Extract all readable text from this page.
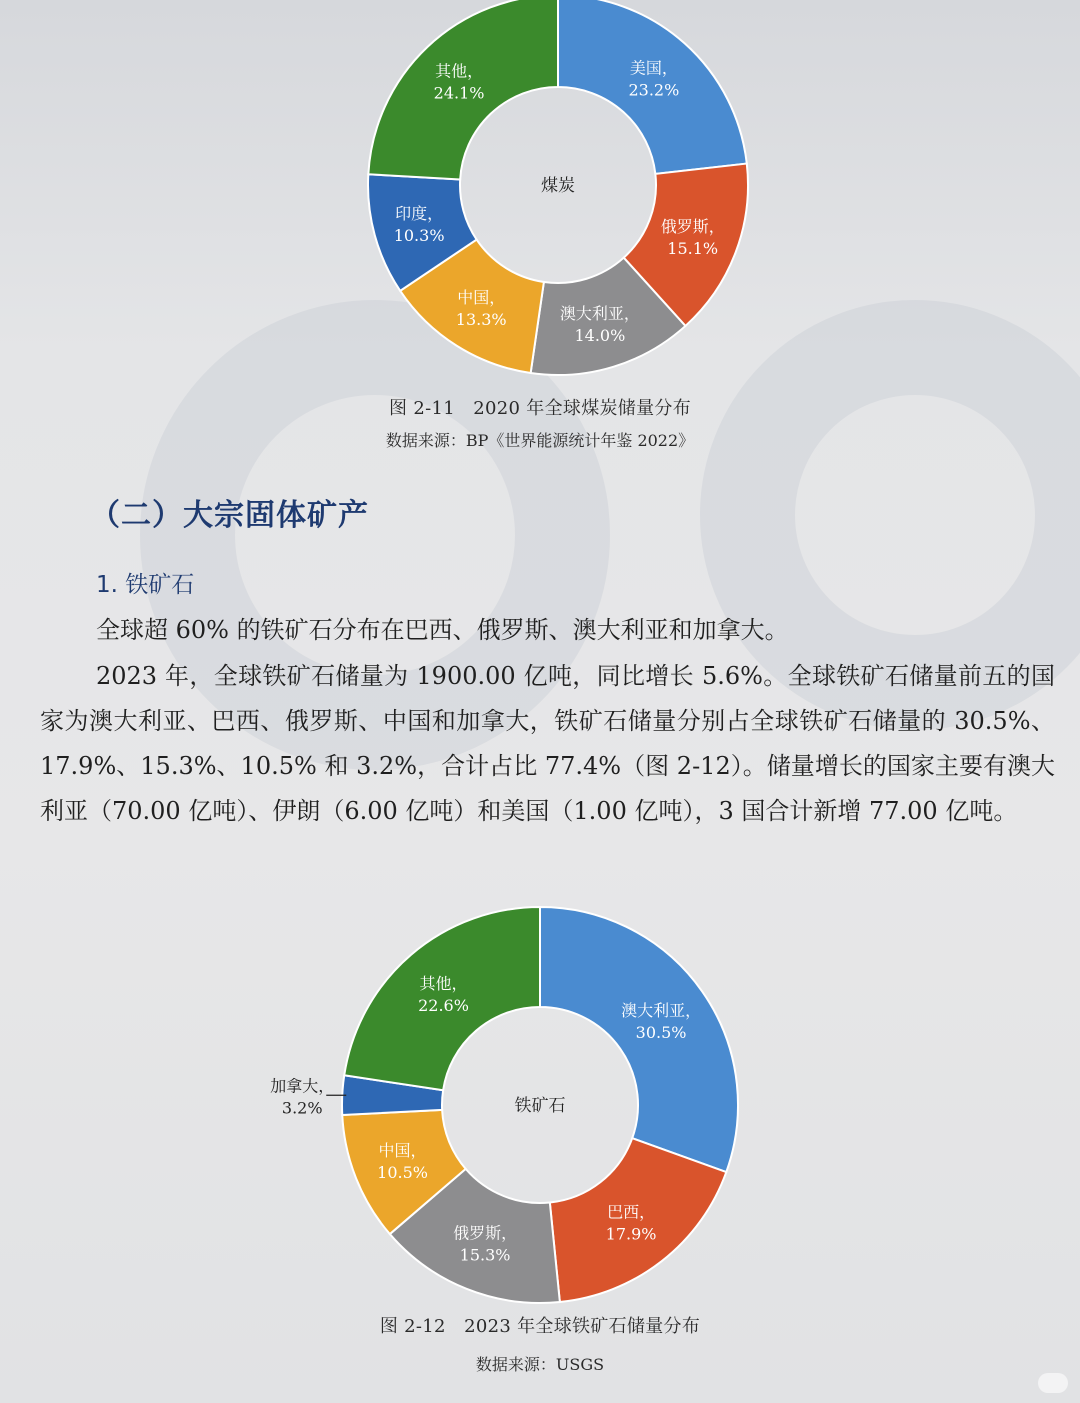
美国，
23.2%
俄罗斯，
15.1%
澳大利亚，
14.0%
中国，
13.3%
印度，
10.3%
其他，
24.1%
煤炭
图 2-11　2020 年全球煤炭储量分布
数据来源：BP《世界能源统计年鉴 2022》
（二）大宗固体矿产
1. 铁矿石
全球超 60% 的铁矿石分布在巴西、俄罗斯、澳大利亚和加拿大。
2023 年，全球铁矿石储量为 1900.00 亿吨，同比增长 5.6%。全球铁矿石储量前五的国家为澳大利亚、巴西、俄罗斯、中国和加拿大，铁矿石储量分别占全球铁矿石储量的 30.5%、17.9%、15.3%、10.5% 和 3.2%，合计占比 77.4%（图 2-12）。储量增长的国家主要有澳大利亚（70.00 亿吨）、伊朗（6.00 亿吨）和美国（1.00 亿吨），3 国合计新增 77.00 亿吨。
澳大利亚，
30.5%
巴西，
17.9%
俄罗斯，
15.3%
中国，
10.5%
加拿大，
3.2%
其他，
22.6%
铁矿石
图 2-12　2023 年全球铁矿石储量分布
数据来源：USGS
